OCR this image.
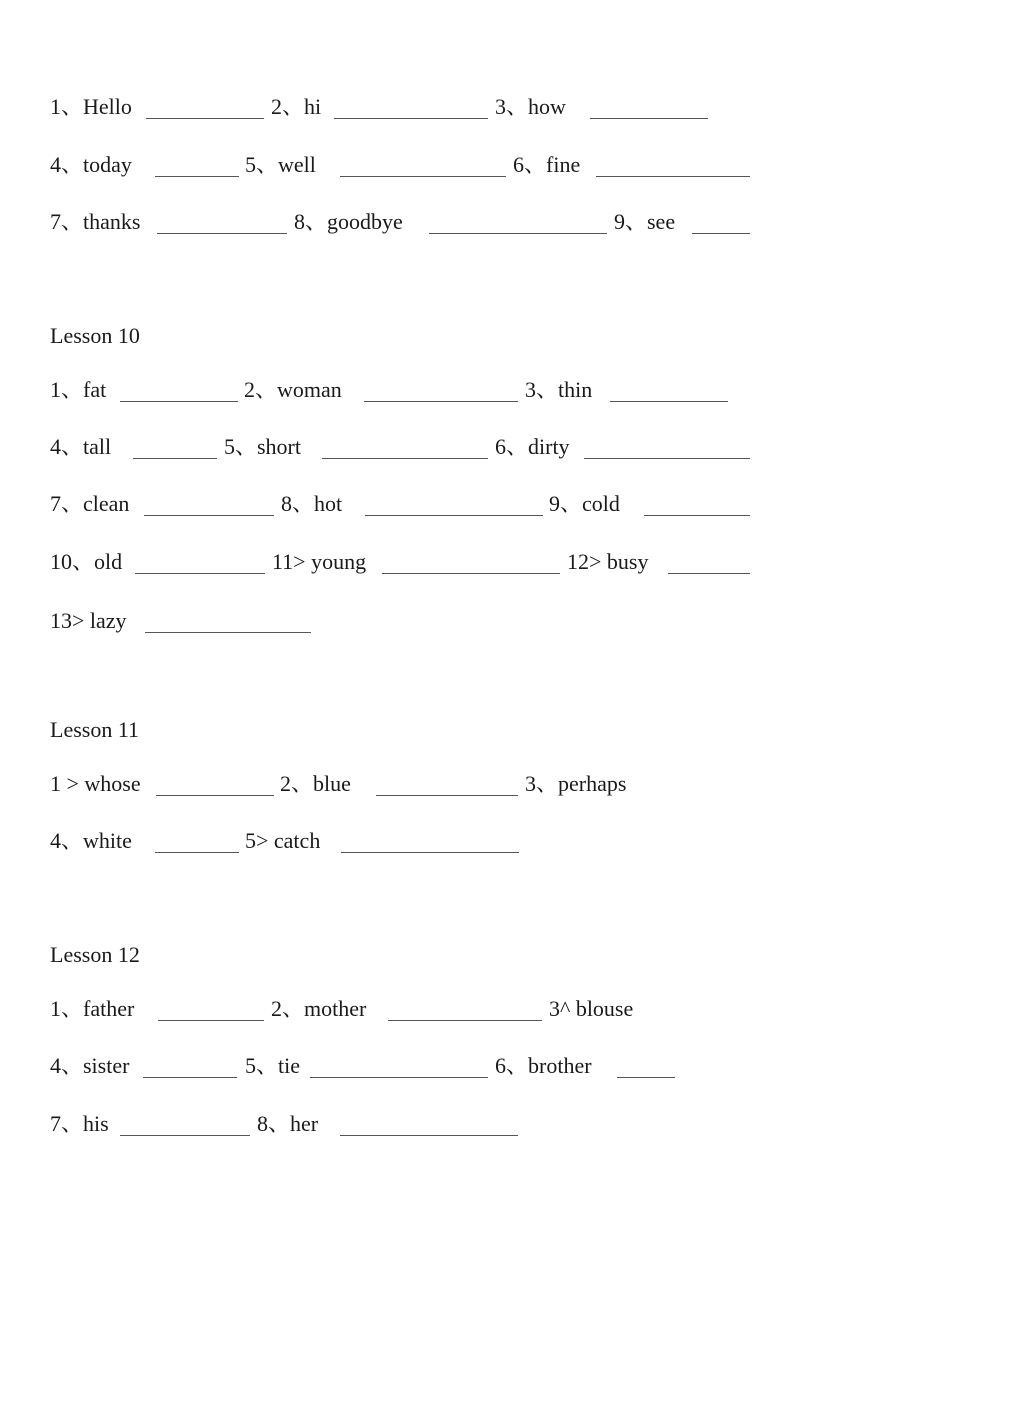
1、Hello	2、hi	3、how
4、today	5、well	6、fine
7、thanks	8、goodbye	9、see
Lesson 10
1、fat	2、woman	3、thin
4、tall	5、short	6、dirty
7、clean	8、hot	9、cold
10、old	11> young	12> busy
13> lazy
Lesson 11
1 > whose	2、blue	3、perhaps
4、white	5> catch
Lesson 12
1、father	2、mother	3^ blouse
4、sister	5、tie	6、brother
7、his	8、her
